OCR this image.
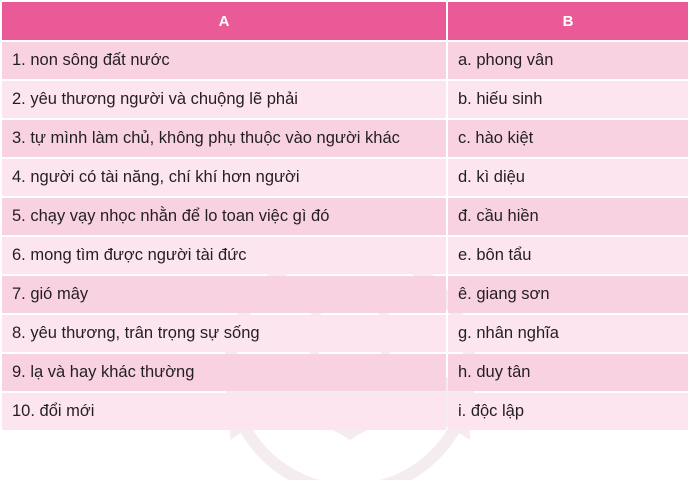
A	B
1. non sông đất nước	a. phong vân
2. yêu thương người và chuộng lẽ phải	b. hiếu sinh
3. tự mình làm chủ, không phụ thuộc vào người khác	c. hào kiệt
4. người có tài năng, chí khí hơn người	d. kì diệu
5. chạy vạy nhọc nhằn để lo toan việc gì đó	đ. cầu hiền
6. mong tìm được người tài đức	e. bôn tẩu
7. gió mây	ê. giang sơn
8. yêu thương, trân trọng sự sống	g. nhân nghĩa
9. lạ và hay khác thường	h. duy tân
10. đổi mới	i. độc lập
